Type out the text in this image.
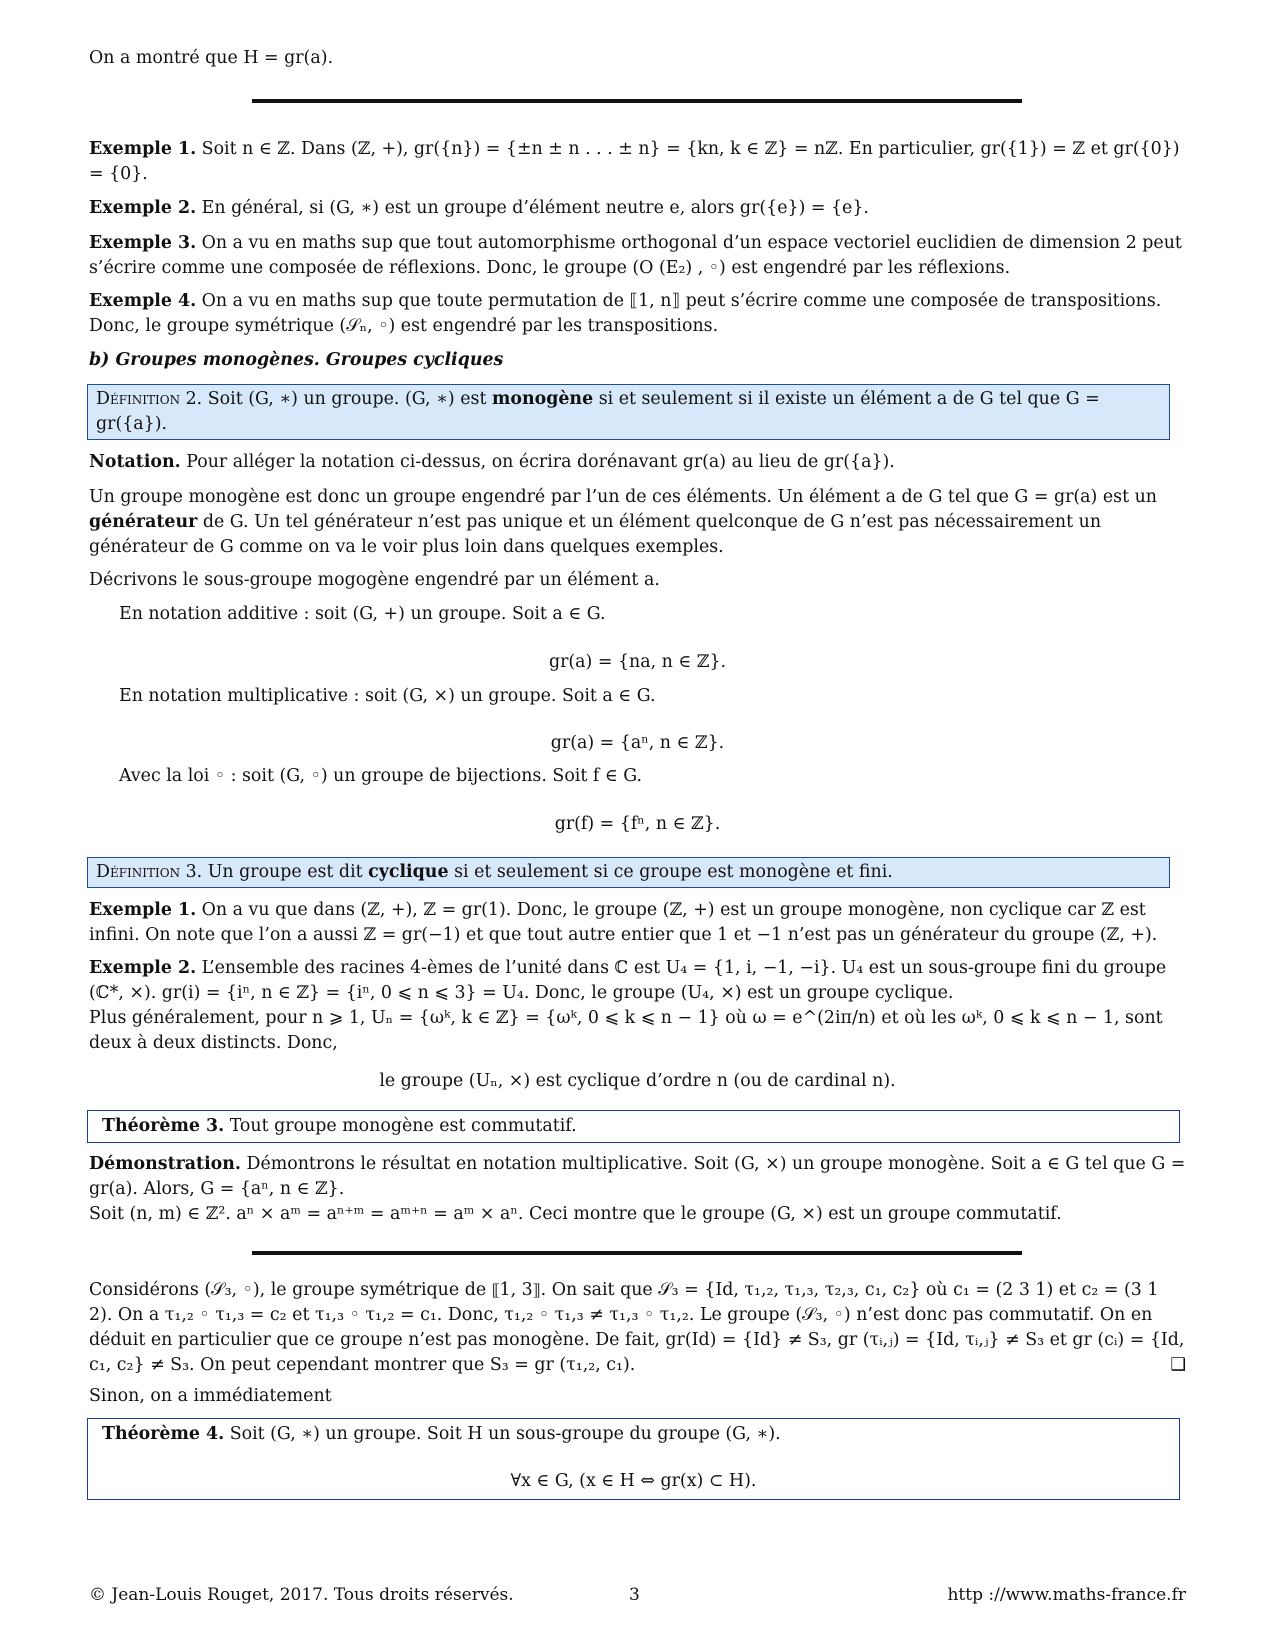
On a montré que H = gr(a).

Exemple 1. Soit n ∈ ℤ. Dans (ℤ, +), gr({n}) = {±n ± n . . . ± n} = {kn, k ∈ ℤ} = nℤ. En particulier, gr({1}) = ℤ et gr({0}) = {0}.

Exemple 2. En général, si (G, ∗) est un groupe d’élément neutre e, alors gr({e}) = {e}.

Exemple 3. On a vu en maths sup que tout automorphisme orthogonal d’un espace vectoriel euclidien de dimension 2 peut s’écrire comme une composée de réflexions. Donc, le groupe (O (E₂) , ◦) est engendré par les réflexions.

Exemple 4. On a vu en maths sup que toute permutation de ⟦1, n⟧ peut s’écrire comme une composée de transpositions. Donc, le groupe symétrique (𝒮ₙ, ◦) est engendré par les transpositions.

b) Groupes monogènes. Groupes cycliques

Définition 2. Soit (G, ∗) un groupe. (G, ∗) est monogène si et seulement si il existe un élément a de G tel que G = gr({a}).

Notation. Pour alléger la notation ci-dessus, on écrira dorénavant gr(a) au lieu de gr({a}).

Un groupe monogène est donc un groupe engendré par l’un de ces éléments. Un élément a de G tel que G = gr(a) est un générateur de G. Un tel générateur n’est pas unique et un élément quelconque de G n’est pas nécessairement un générateur de G comme on va le voir plus loin dans quelques exemples.

Décrivons le sous-groupe mogogène engendré par un élément a.

En notation additive : soit (G, +) un groupe. Soit a ∈ G.

gr(a) = {na, n ∈ ℤ}.

En notation multiplicative : soit (G, ×) un groupe. Soit a ∈ G.

gr(a) = {aⁿ, n ∈ ℤ}.

Avec la loi ◦ : soit (G, ◦) un groupe de bijections. Soit f ∈ G.

gr(f) = {fⁿ, n ∈ ℤ}.

Définition 3. Un groupe est dit cyclique si et seulement si ce groupe est monogène et fini.

Exemple 1. On a vu que dans (ℤ, +), ℤ = gr(1). Donc, le groupe (ℤ, +) est un groupe monogène, non cyclique car ℤ est infini. On note que l’on a aussi ℤ = gr(−1) et que tout autre entier que 1 et −1 n’est pas un générateur du groupe (ℤ, +).

Exemple 2. L’ensemble des racines 4-èmes de l’unité dans ℂ est U₄ = {1, i, −1, −i}. U₄ est un sous-groupe fini du groupe (ℂ*, ×). gr(i) = {iⁿ, n ∈ ℤ} = {iⁿ, 0 ⩽ n ⩽ 3} = U₄. Donc, le groupe (U₄, ×) est un groupe cyclique.

Plus généralement, pour n ⩾ 1, Uₙ = {ωᵏ, k ∈ ℤ} = {ωᵏ, 0 ⩽ k ⩽ n − 1} où ω = e^(2iπ/n) et où les ωᵏ, 0 ⩽ k ⩽ n − 1, sont deux à deux distincts. Donc,

le groupe (Uₙ, ×) est cyclique d’ordre n (ou de cardinal n).

Théorème 3. Tout groupe monogène est commutatif.

Démonstration. Démontrons le résultat en notation multiplicative. Soit (G, ×) un groupe monogène. Soit a ∈ G tel que G = gr(a). Alors, G = {aⁿ, n ∈ ℤ}.

Soit (n, m) ∈ ℤ². aⁿ × aᵐ = aⁿ⁺ᵐ = aᵐ⁺ⁿ = aᵐ × aⁿ. Ceci montre que le groupe (G, ×) est un groupe commutatif.

Considérons (𝒮₃, ◦), le groupe symétrique de ⟦1, 3⟧. On sait que 𝒮₃ = {Id, τ₁,₂, τ₁,₃, τ₂,₃, c₁, c₂} où c₁ = (2 3 1) et c₂ = (3 1 2). On a τ₁,₂ ◦ τ₁,₃ = c₂ et τ₁,₃ ◦ τ₁,₂ = c₁. Donc, τ₁,₂ ◦ τ₁,₃ ≠ τ₁,₃ ◦ τ₁,₂. Le groupe (𝒮₃, ◦) n’est donc pas commutatif. On en déduit en particulier que ce groupe n’est pas monogène. De fait, gr(Id) = {Id} ≠ S₃, gr (τᵢ,ⱼ) = {Id, τᵢ,ⱼ} ≠ S₃ et gr (cᵢ) = {Id, c₁, c₂} ≠ S₃. On peut cependant montrer que S₃ = gr (τ₁,₂, c₁).	❑

Sinon, on a immédiatement

Théorème 4. Soit (G, ∗) un groupe. Soit H un sous-groupe du groupe (G, ∗).

∀x ∈ G, (x ∈ H ⇔ gr(x) ⊂ H).

© Jean-Louis Rouget, 2017. Tous droits réservés.	3	http ://www.maths-france.fr
